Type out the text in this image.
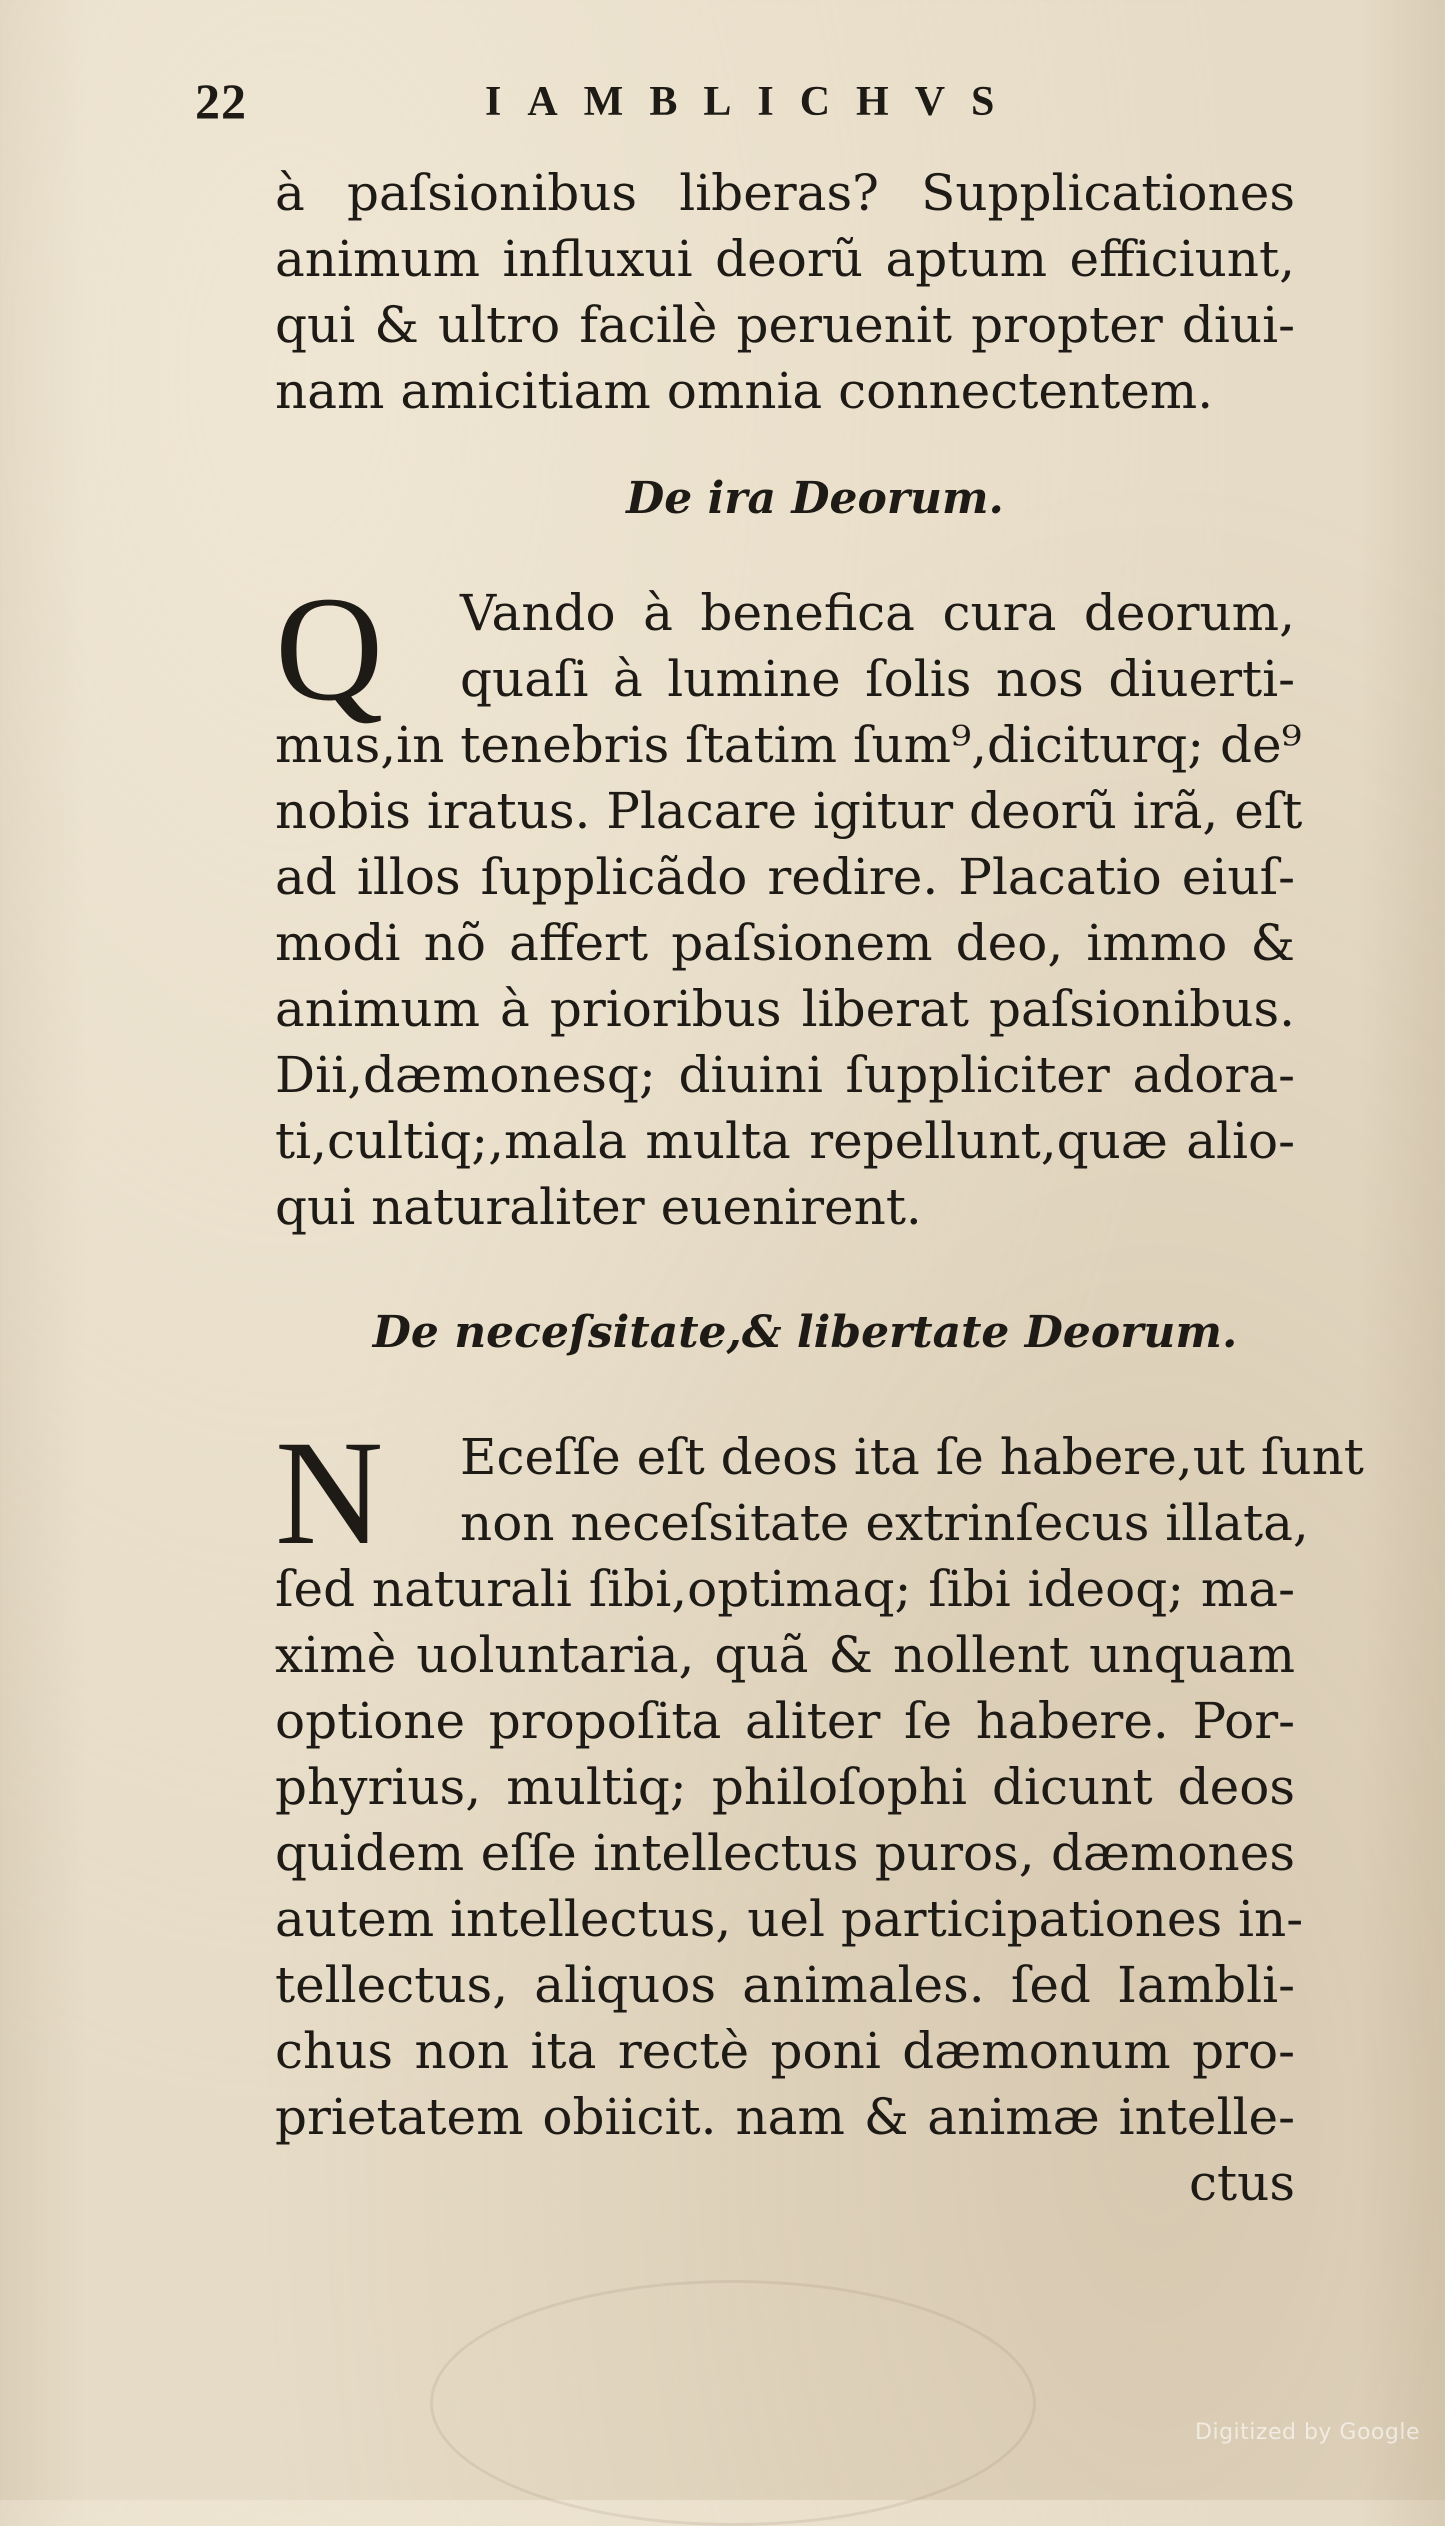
22	IAMBLICHVS
à paſsionibus liberas? Supplicationes
animum influxui deorũ aptum efficiunt,
qui & ultro facilè peruenit propter diui-
nam amicitiam omnia connectentem.
De ira Deorum.
Q	Vando à benefica cura deorum,
quaſi à lumine ſolis nos diuerti-
mus,in tenebris ſtatim ſum⁹,diciturq; de⁹
nobis iratus. Placare igitur deorũ irã, eſt
ad illos ſupplicãdo redire. Placatio eiuſ-
modi nõ affert paſsionem deo, immo &
animum à prioribus liberat paſsionibus.
Dii,dæmonesq; diuini ſuppliciter adora-
ti,cultiq;,mala multa repellunt,quæ alio-
qui naturaliter euenirent.
De neceſsitate,& libertate Deorum.
N	Eceſſe eſt deos ita ſe habere,ut ſunt
non neceſsitate extrinſecus illata,
ſed naturali ſibi,optimaq; ſibi ideoq; ma-
ximè uoluntaria, quã & nollent unquam
optione propoſita aliter ſe habere. Por-
phyrius, multiq; philoſophi dicunt deos
quidem eſſe intellectus puros, dæmones
autem intellectus, uel participationes in-
tellectus, aliquos animales. ſed Iambli-
chus non ita rectè poni dæmonum pro-
prietatem obiicit. nam & animæ intelle-
ctus
Digitized by Google
